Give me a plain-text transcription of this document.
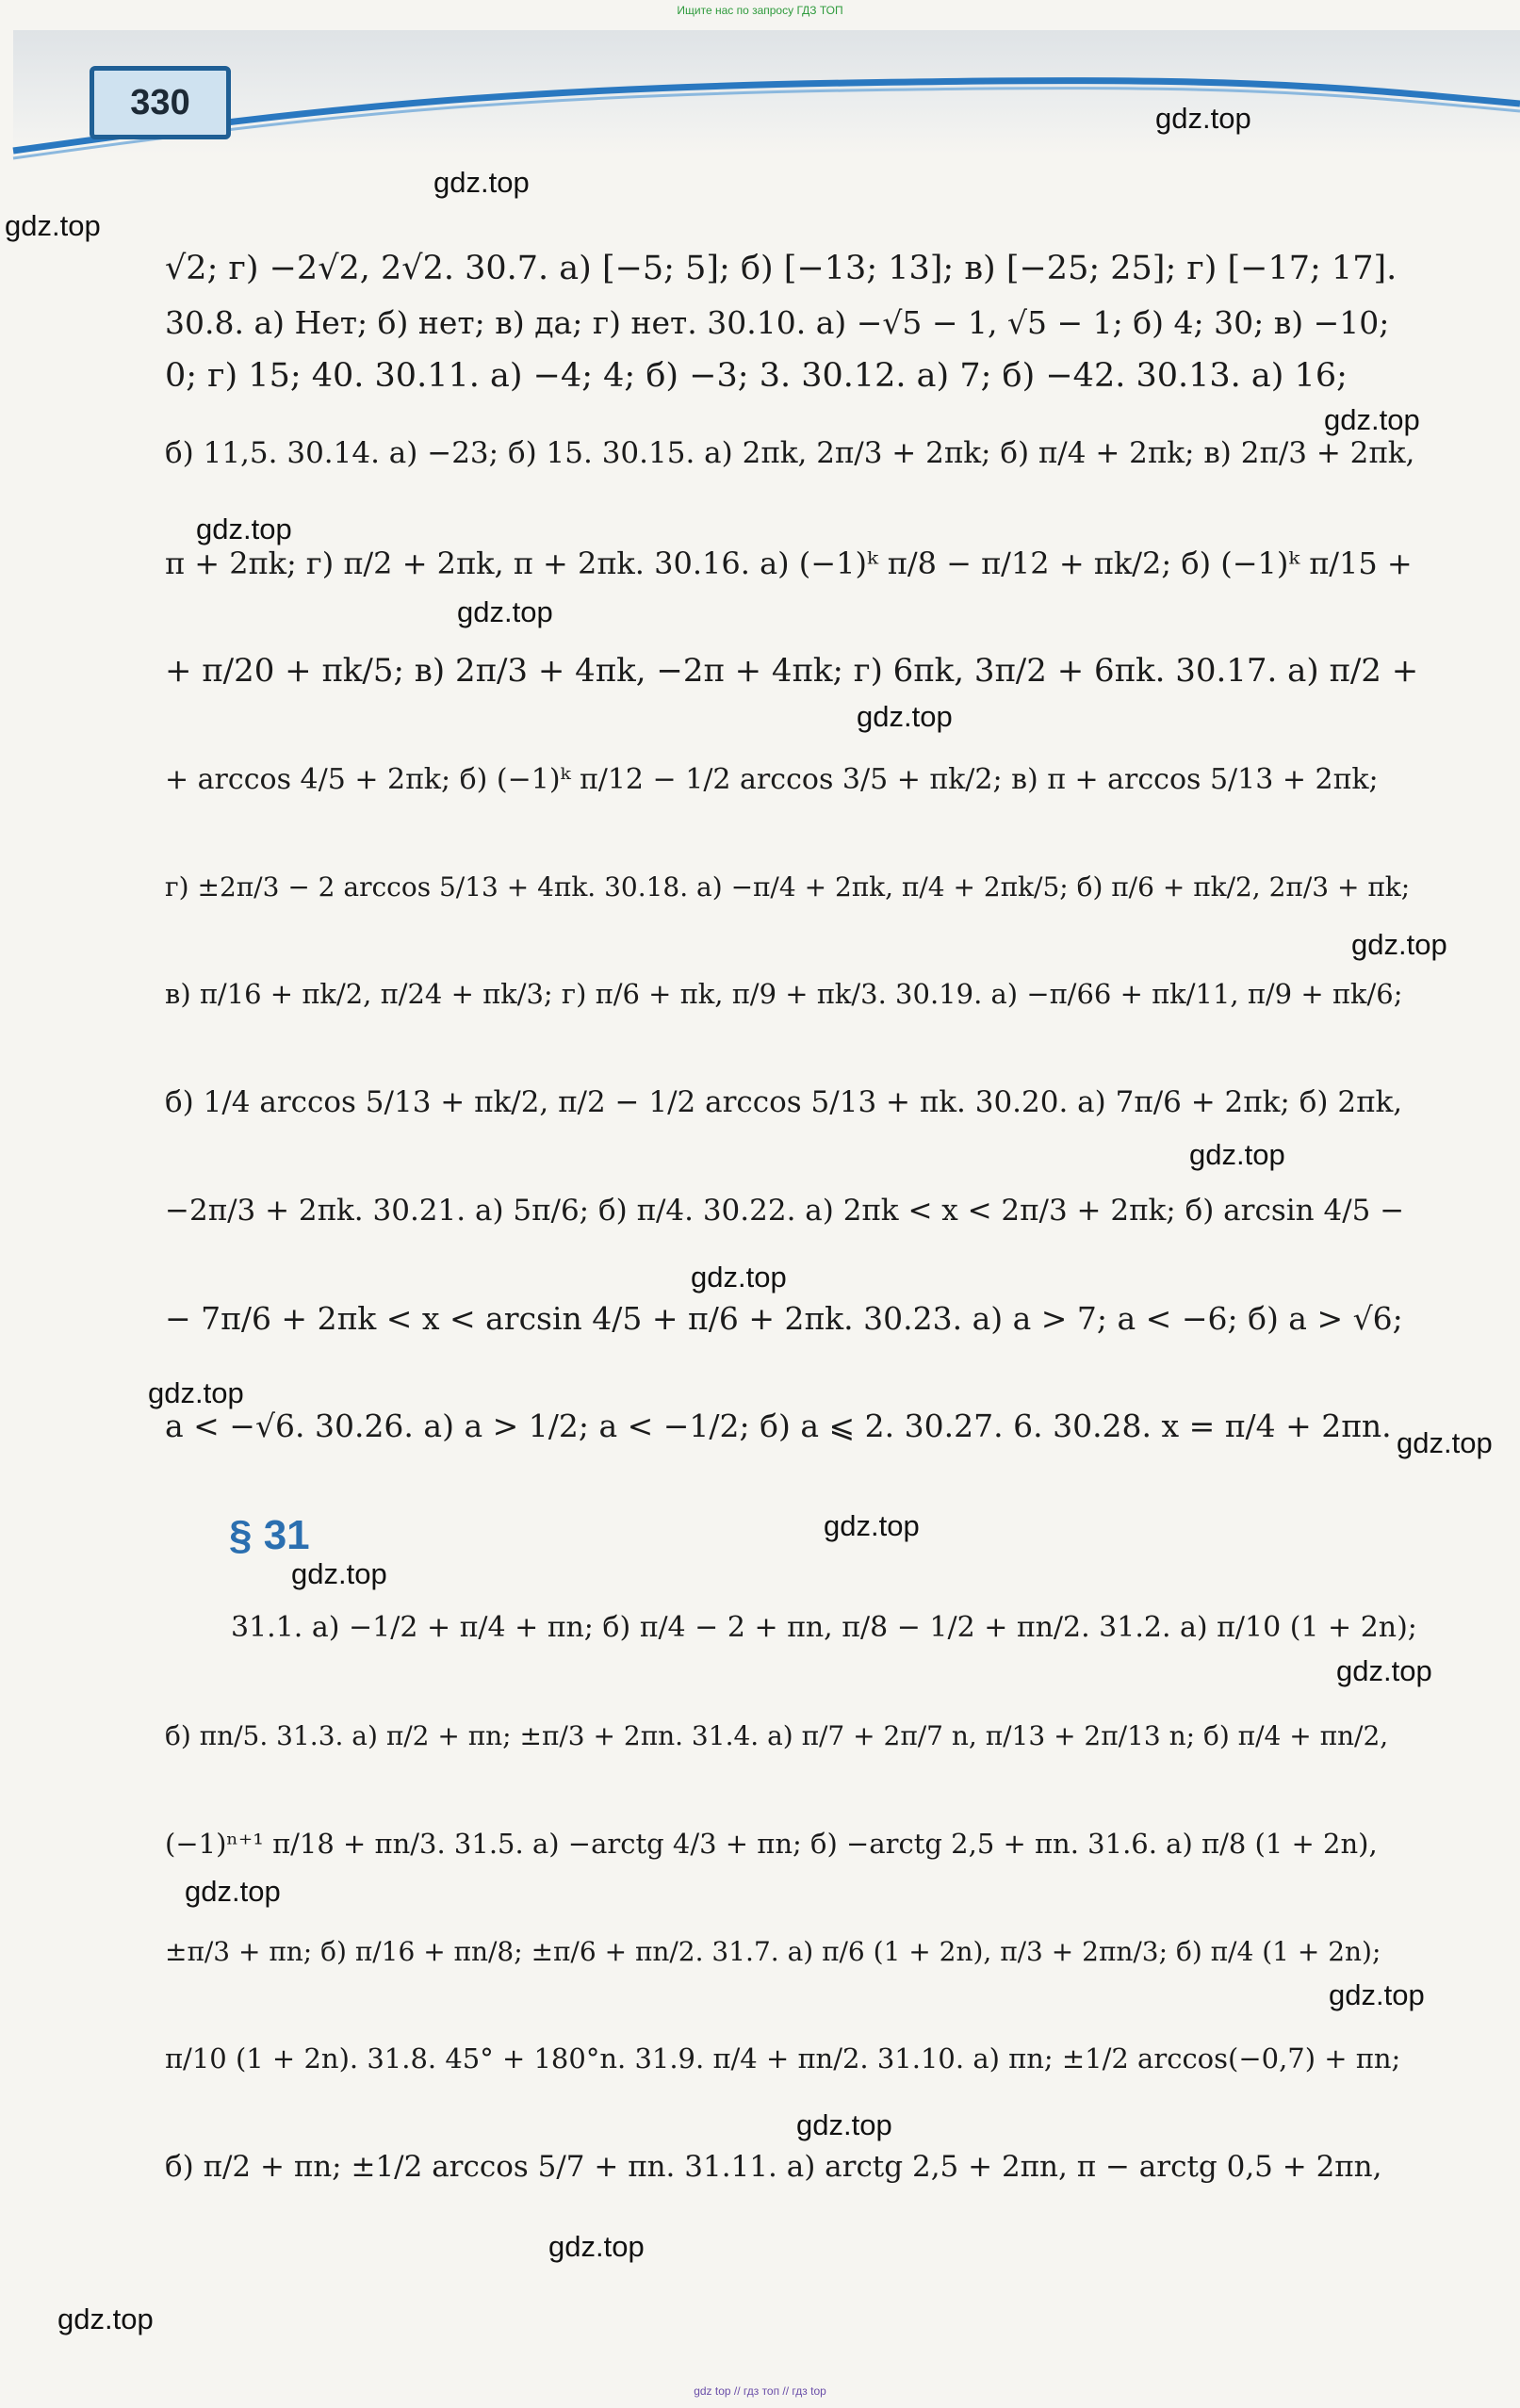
Ищите нас по запросу ГДЗ ТОП
330	gdz.top
gdz.top
gdz.top
gdz.top
gdz.top
gdz.top
gdz.top
gdz.top
gdz.top
gdz.top
gdz.top
gdz.top
gdz.top
gdz.top
gdz.top
gdz.top
gdz.top
gdz.top
gdz.top
gdz.top
§ 31
√2; г) −2√2, 2√2. 30.7. а) [−5; 5]; б) [−13; 13]; в) [−25; 25]; г) [−17; 17].
30.8. а) Нет; б) нет; в) да; г) нет. 30.10. а) −√5 − 1, √5 − 1; б) 4; 30; в) −10;
0; г) 15; 40. 30.11. а) −4; 4; б) −3; 3. 30.12. а) 7; б) −42. 30.13. а) 16;
б) 11,5. 30.14. а) −23; б) 15. 30.15. а) 2πk, 2π/3 + 2πk; б) π/4 + 2πk; в) 2π/3 + 2πk,
π + 2πk; г) π/2 + 2πk, π + 2πk. 30.16. а) (−1)ᵏ π/8 − π/12 + πk/2; б) (−1)ᵏ π/15 +
+ π/20 + πk/5; в) 2π/3 + 4πk, −2π + 4πk; г) 6πk, 3π/2 + 6πk. 30.17. а) π/2 +
+ arccos 4/5 + 2πk; б) (−1)ᵏ π/12 − 1/2 arccos 3/5 + πk/2; в) π + arccos 5/13 + 2πk;
г) ±2π/3 − 2 arccos 5/13 + 4πk. 30.18. а) −π/4 + 2πk, π/4 + 2πk/5; б) π/6 + πk/2, 2π/3 + πk;
в) π/16 + πk/2, π/24 + πk/3; г) π/6 + πk, π/9 + πk/3. 30.19. а) −π/66 + πk/11, π/9 + πk/6;
б) 1/4 arccos 5/13 + πk/2, π/2 − 1/2 arccos 5/13 + πk. 30.20. а) 7π/6 + 2πk; б) 2πk,
−2π/3 + 2πk. 30.21. а) 5π/6; б) π/4. 30.22. а) 2πk < x < 2π/3 + 2πk; б) arcsin 4/5 −
− 7π/6 + 2πk < x < arcsin 4/5 + π/6 + 2πk. 30.23. а) a > 7; a < −6; б) a > √6;
a < −√6. 30.26. а) a > 1/2; a < −1/2; б) a ⩽ 2. 30.27. 6. 30.28. x = π/4 + 2πn.
31.1. а) −1/2 + π/4 + πn; б) π/4 − 2 + πn, π/8 − 1/2 + πn/2. 31.2. а) π/10 (1 + 2n);
б) πn/5. 31.3. а) π/2 + πn; ±π/3 + 2πn. 31.4. а) π/7 + 2π/7 n, π/13 + 2π/13 n; б) π/4 + πn/2,
(−1)ⁿ⁺¹ π/18 + πn/3. 31.5. а) −arctg 4/3 + πn; б) −arctg 2,5 + πn. 31.6. а) π/8 (1 + 2n),
±π/3 + πn; б) π/16 + πn/8; ±π/6 + πn/2. 31.7. а) π/6 (1 + 2n), π/3 + 2πn/3; б) π/4 (1 + 2n);
π/10 (1 + 2n). 31.8. 45° + 180°n. 31.9. π/4 + πn/2. 31.10. а) πn; ±1/2 arccos(−0,7) + πn;
б) π/2 + πn; ±1/2 arccos 5/7 + πn. 31.11. а) arctg 2,5 + 2πn, π − arctg 0,5 + 2πn,
gdz top // гдз топ // гдз top
